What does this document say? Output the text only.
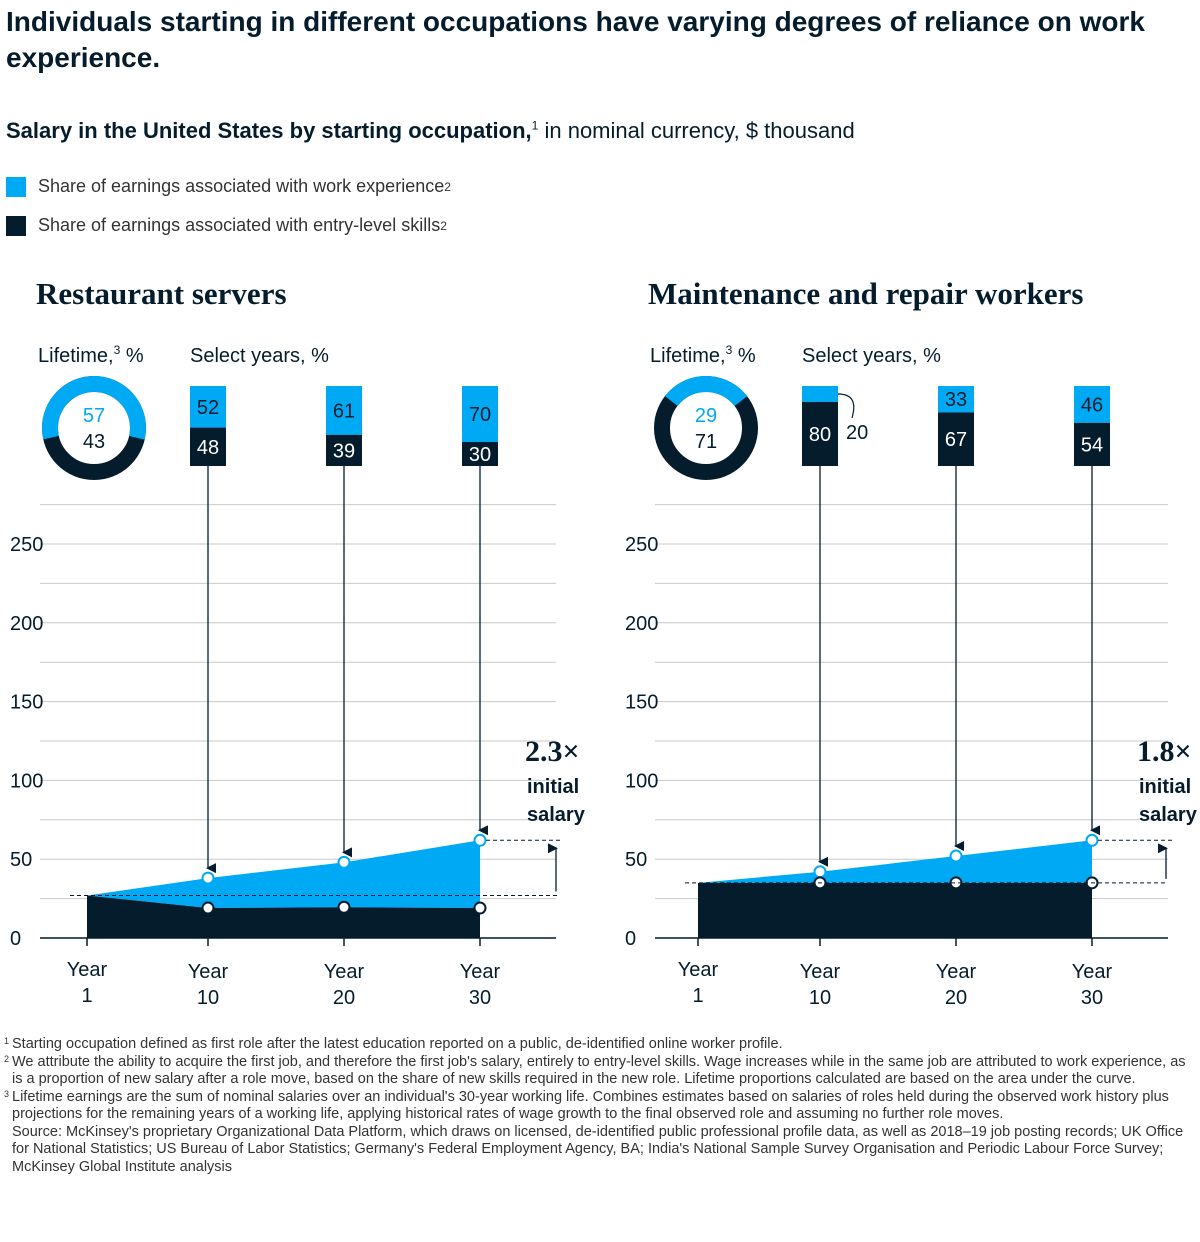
Individuals starting in different occupations have varying degrees of reliance on work experience.

Salary in the United States by starting occupation,$^1$ in nominal currency, $ thousand

Share of earnings associated with work experience 2
Share of earnings associated with entry-level skills 2
Restaurant servers
Lifetime,$^3$ % Select years, %
57
43
0
50
100
150
200
250
Year
1
Year
10
Year
20
Year
30
52
48
61
39
70
30
2.3×
initial
salary
Maintenance and repair workers
Lifetime,$^3$ % Select years, %
29
71
0
50
100
150
200
250
Year
1
Year
10
Year
20
Year
30
20
80
33
67
46
54
1.8×
initial
salary
1 Starting occupation defined as first role after the latest education reported on a public, de-identified online worker profile.
2 We attribute the ability to acquire the first job, and therefore the first job's salary, entirely to entry-level skills. Wage increases while in the same job are attributed to work experience, as is a proportion of new salary after a role move, based on the share of new skills required in the new role. Lifetime proportions calculated are based on the area under the curve.
3 Lifetime earnings are the sum of nominal salaries over an individual's 30-year working life. Combines estimates based on salaries of roles held during the observed work history plus projections for the remaining years of a working life, applying historical rates of wage growth to the final observed role and assuming no further role moves.
Source: McKinsey's proprietary Organizational Data Platform, which draws on licensed, de-identified public professional profile data, as well as 2018–19 job posting records; UK Office for National Statistics; US Bureau of Labor Statistics; Germany's Federal Employment Agency, BA; India's National Sample Survey Organisation and Periodic Labour Force Survey; McKinsey Global Institute analysis
